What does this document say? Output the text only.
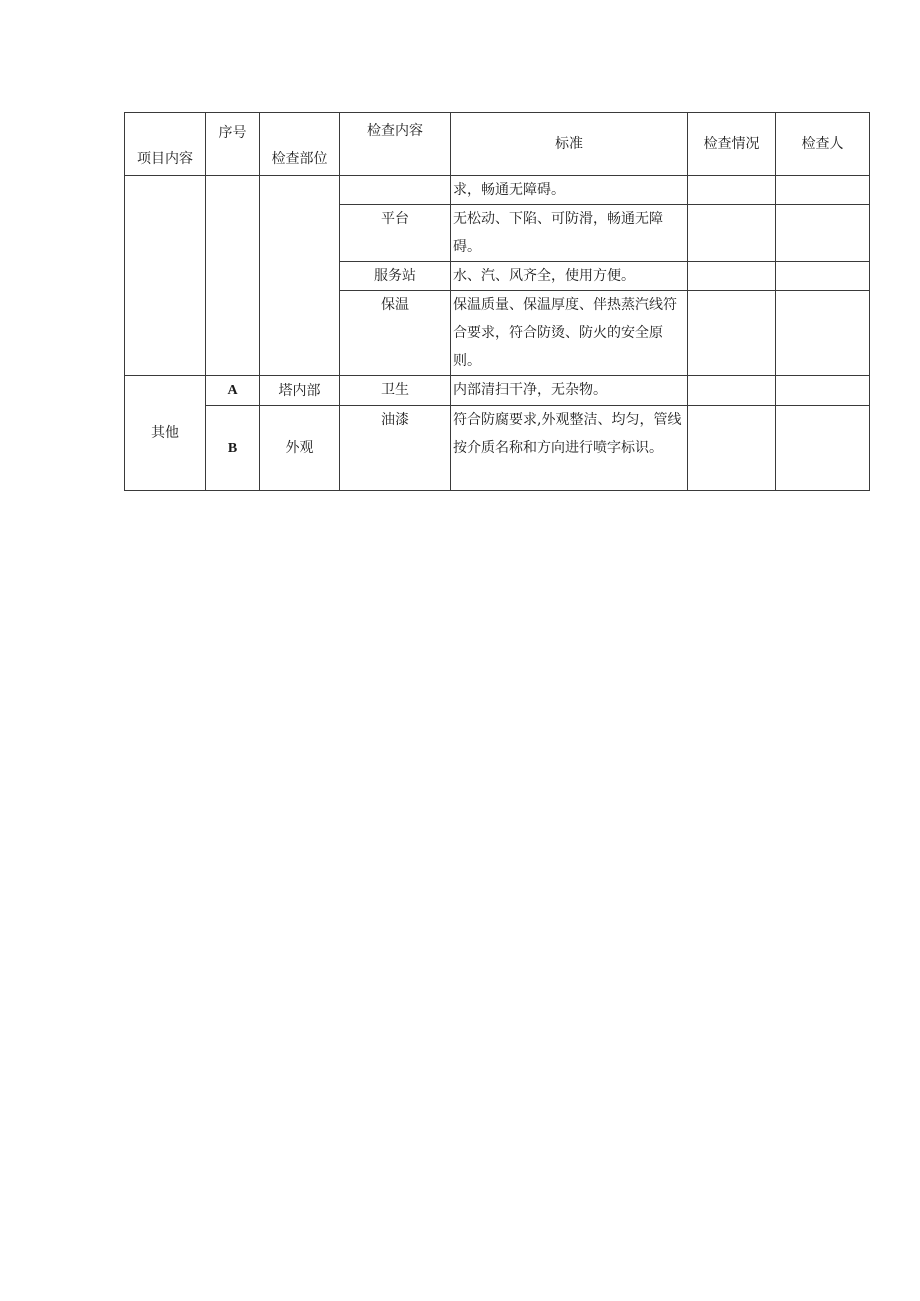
项目内容	序号	检查部位	检查内容	标准	检查情况	检查人
				求，畅通无障碍。		
			平台	无松动、下陷、可防滑，畅通无障碍。		
			服务站	水、汽、风齐全，使用方便。		
			保温	保温质量、保温厚度、伴热蒸汽线符合要求，符合防烫、防火的安全原则。		
其他	A	塔内部	卫生	内部清扫干净，无杂物。		
	B	外观	油漆	符合防腐要求,外观整洁、均匀，管线按介质名称和方向进行喷字标识。		
